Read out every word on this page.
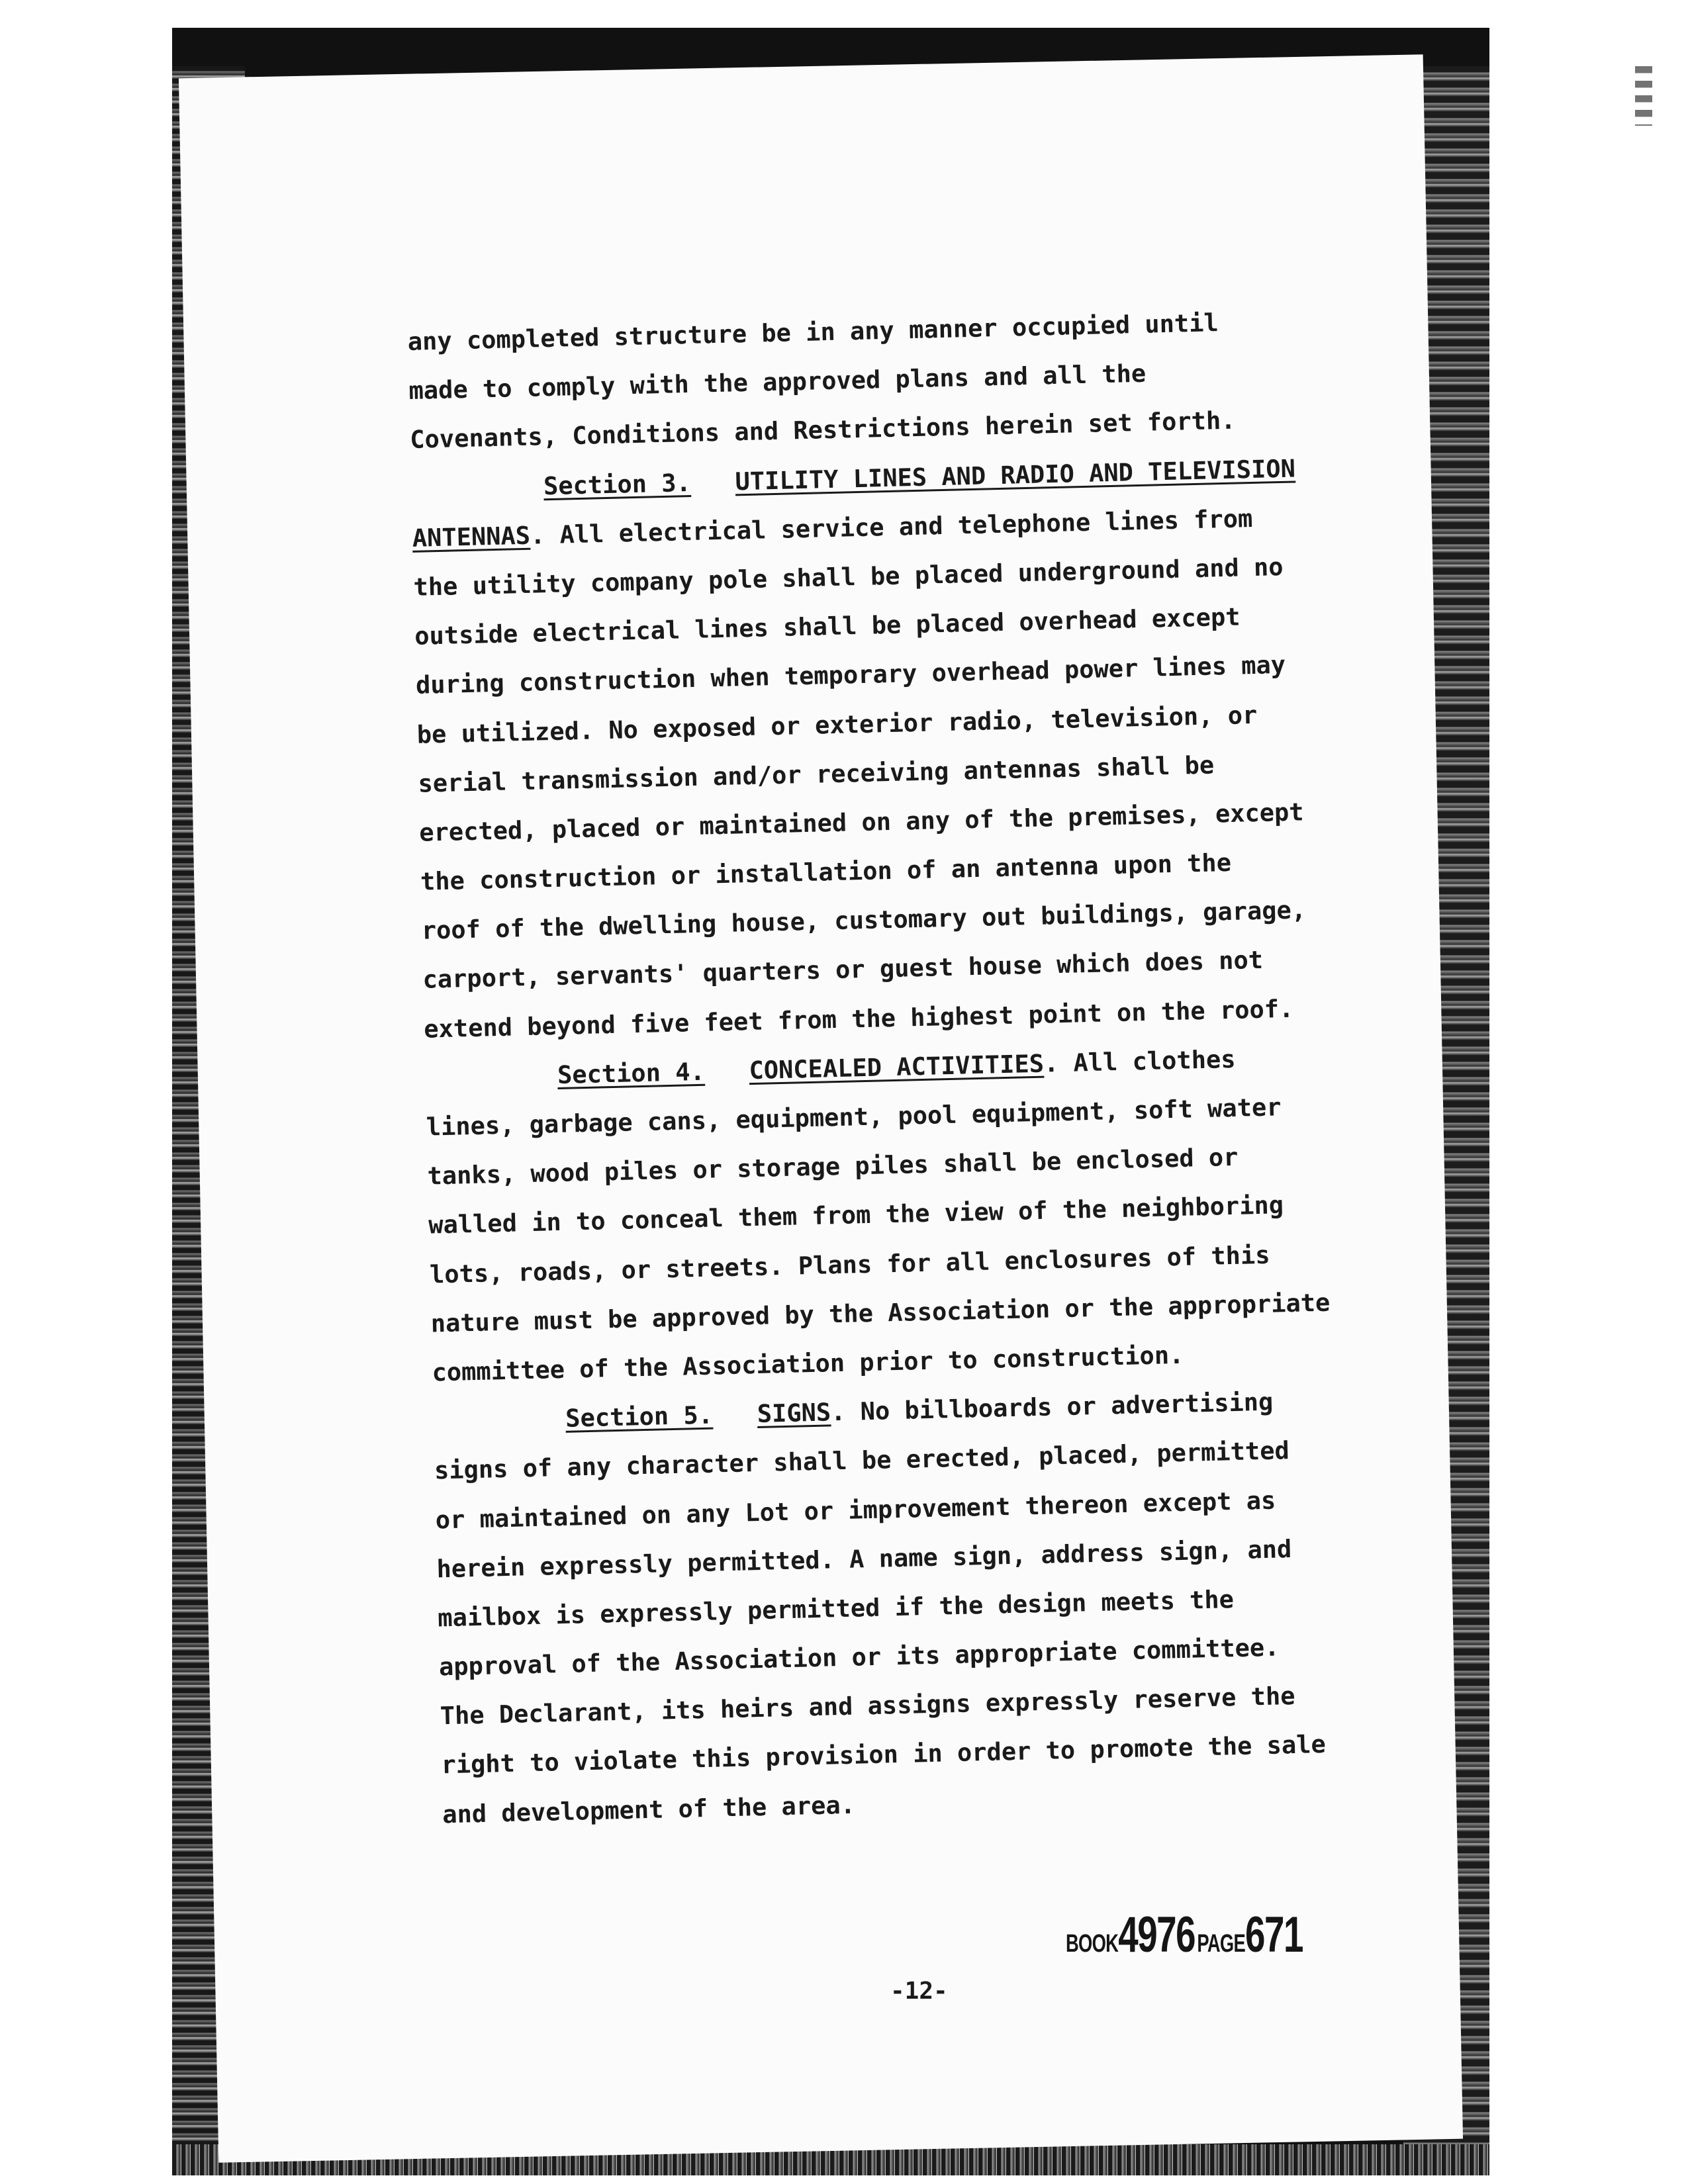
any completed structure be in any manner occupied until
made to comply with the approved plans and all the
Covenants, Conditions and Restrictions herein set forth.
Section 3. UTILITY LINES AND RADIO AND TELEVISION
ANTENNAS. All electrical service and telephone lines from
the utility company pole shall be placed underground and no
outside electrical lines shall be placed overhead except
during construction when temporary overhead power lines may
be utilized. No exposed or exterior radio, television, or
serial transmission and/or receiving antennas shall be
erected, placed or maintained on any of the premises, except
the construction or installation of an antenna upon the
roof of the dwelling house, customary out buildings, garage,
carport, servants' quarters or guest house which does not
extend beyond five feet from the highest point on the roof.
Section 4. CONCEALED ACTIVITIES. All clothes
lines, garbage cans, equipment, pool equipment, soft water
tanks, wood piles or storage piles shall be enclosed or
walled in to conceal them from the view of the neighboring
lots, roads, or streets. Plans for all enclosures of this
nature must be approved by the Association or the appropriate
committee of the Association prior to construction.
Section 5. SIGNS. No billboards or advertising
signs of any character shall be erected, placed, permitted
or maintained on any Lot or improvement thereon except as
herein expressly permitted. A name sign, address sign, and
mailbox is expressly permitted if the design meets the
approval of the Association or its appropriate committee.
The Declarant, its heirs and assigns expressly reserve the
right to violate this provision in order to promote the sale
and development of the area.
BOOK4976 PAGE671
-12-
